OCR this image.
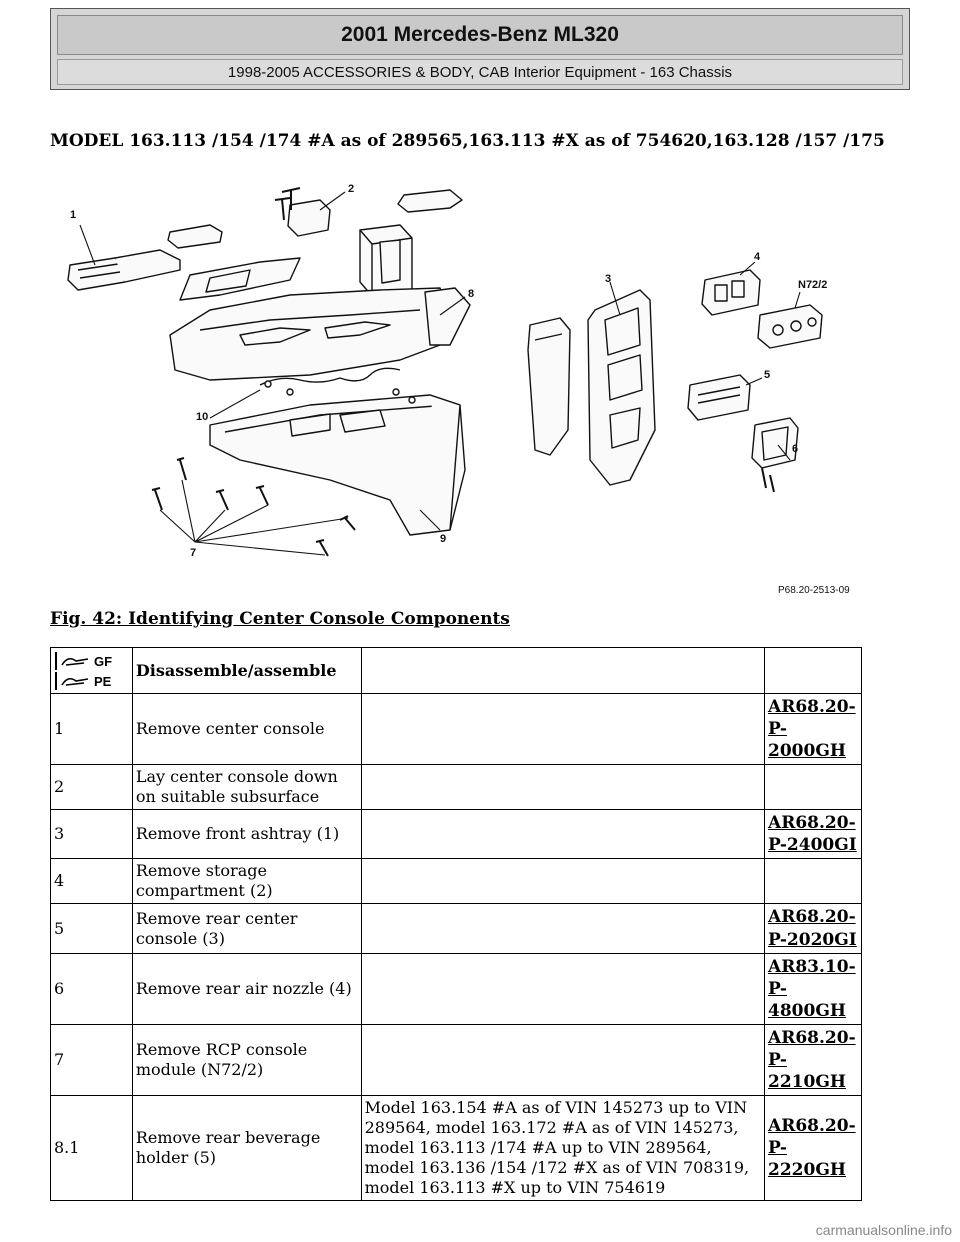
2001 Mercedes-Benz ML320
1998-2005 ACCESSORIES & BODY, CAB Interior Equipment - 163 Chassis
MODEL 163.113 /154 /174 #A as of 289565,163.113 #X as of 754620,163.128 /157 /175
1
2
3
4
N72/2
5
6
7
8
9
10
P68.20-2513-09
Fig. 42: Identifying Center Console Components
GF

PE	Disassemble/assemble		
1	Remove center console		AR68.20-P-2000GH
2	Lay center console down on suitable subsurface		
3	Remove front ashtray (1)		AR68.20-P-2400GI
4	Remove storage compartment (2)		
5	Remove rear center console (3)		AR68.20-P-2020GI
6	Remove rear air nozzle (4)		AR83.10-P-4800GH
7	Remove RCP console module (N72/2)		AR68.20-P-2210GH
8.1	Remove rear beverage holder (5)	Model 163.154 #A as of VIN 145273 up to VIN 289564, model 163.172 #A as of VIN 145273, model 163.113 /174 #A up to VIN 289564, model 163.136 /154 /172 #X as of VIN 708319, model 163.113 #X up to VIN 754619	AR68.20-P-2220GH
carmanualsonline.info
